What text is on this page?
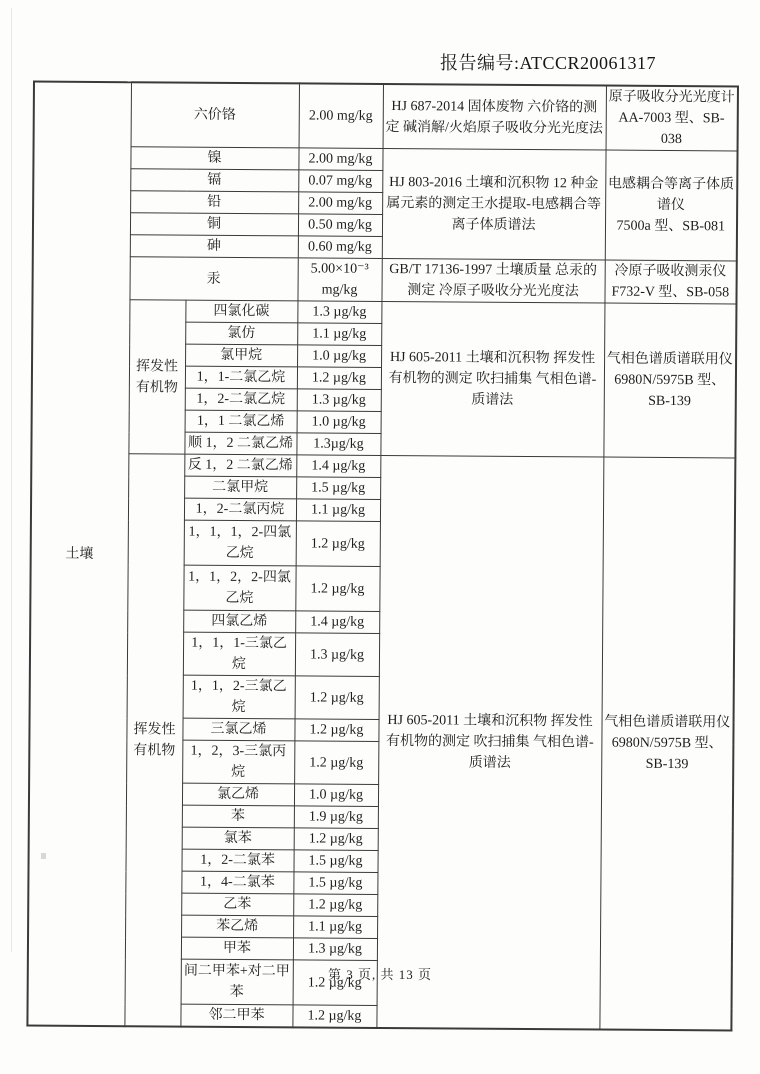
报告编号:ATCCR20061317
土壤	六价铬		2.00 mg/kg	HJ 687-2014 固体废物 六价铬的测定 碱消解/火焰原子吸收分光光度法	原子吸收分光光度计
AA-7003 型、SB-038
	镍		2.00 mg/kg	HJ 803-2016 土壤和沉积物 12 种金属元素的测定王水提取-电感耦合等离子体质谱法	电感耦合等离子体质谱仪
7500a 型、SB-081
	镉		0.07 mg/kg		
	铅		2.00 mg/kg		
	铜		0.50 mg/kg		
	砷		0.60 mg/kg		
	汞		5.00×10⁻³
mg/kg	GB/T 17136-1997 土壤质量 总汞的测定 冷原子吸收分光光度法	冷原子吸收测汞仪
F732-V 型、SB-058
	挥发性
有机物	四氯化碳	1.3 µg/kg	HJ 605-2011 土壤和沉积物 挥发性有机物的测定 吹扫捕集 气相色谱-质谱法	气相色谱质谱联用仪
6980N/5975B 型、
SB-139
		氯仿	1.1 µg/kg		
		氯甲烷	1.0 µg/kg		
		1，1-二氯乙烷	1.2 µg/kg		
		1，2-二氯乙烷	1.3 µg/kg		
		1，1 二氯乙烯	1.0 µg/kg		
		顺 1，2 二氯乙烯	1.3µg/kg		
	挥发性
有机物	反 1，2 二氯乙烯	1.4 µg/kg	HJ 605-2011 土壤和沉积物 挥发性有机物的测定 吹扫捕集 气相色谱-质谱法	气相色谱质谱联用仪
6980N/5975B 型、
SB-139
		二氯甲烷	1.5 µg/kg		
		1，2-二氯丙烷	1.1 µg/kg		
		1，1，1，2-四氯乙烷	1.2 µg/kg		
		1，1，2，2-四氯乙烷	1.2 µg/kg		
		四氯乙烯	1.4 µg/kg		
		1，1，1-三氯乙烷	1.3 µg/kg		
		1，1，2-三氯乙烷	1.2 µg/kg		
		三氯乙烯	1.2 µg/kg		
		1，2，3-三氯丙烷	1.2 µg/kg		
		氯乙烯	1.0 µg/kg		
		苯	1.9 µg/kg		
		氯苯	1.2 µg/kg		
		1，2-二氯苯	1.5 µg/kg		
		1，4-二氯苯	1.5 µg/kg		
		乙苯	1.2 µg/kg		
		苯乙烯	1.1 µg/kg		
		甲苯	1.3 µg/kg		
		间二甲苯+对二甲苯	1.2 µg/kg		
		邻二甲苯	1.2 µg/kg		
第 3 页, 共 13 页
